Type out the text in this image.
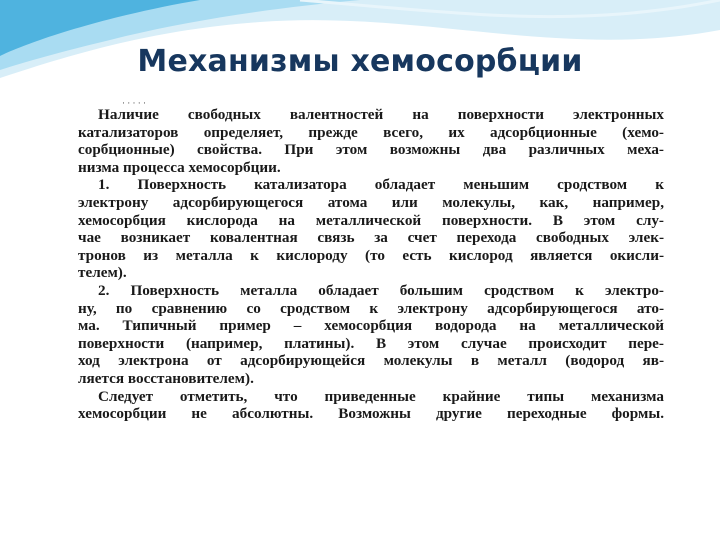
Механизмы хемосорбции
· · · · ·

Наличие свободных валентностей на поверхности электронных

катализаторов определяет, прежде всего, их адсорбционные (хемо-

сорбционные) свойства. При этом возможны два различных меха-

низма процесса хемосорбции.

1. Поверхность катализатора обладает меньшим сродством к

электрону адсорбирующегося атома или молекулы, как, например,

хемосорбция кислорода на металлической поверхности. В этом слу-

чае возникает ковалентная связь за счет перехода свободных элек-

тронов из металла к кислороду (то есть кислород является окисли-

телем).

2. Поверхность металла обладает большим сродством к электро-

ну, по сравнению со сродством к электрону адсорбирующегося ато-

ма. Типичный пример – хемосорбция водорода на металлической

поверхности (например, платины). В этом случае происходит пере-

ход электрона от адсорбирующейся молекулы в металл (водород яв-

ляется восстановителем).

Следует отметить, что приведенные крайние типы механизма

хемосорбции не абсолютны. Возможны другие переходные формы.
